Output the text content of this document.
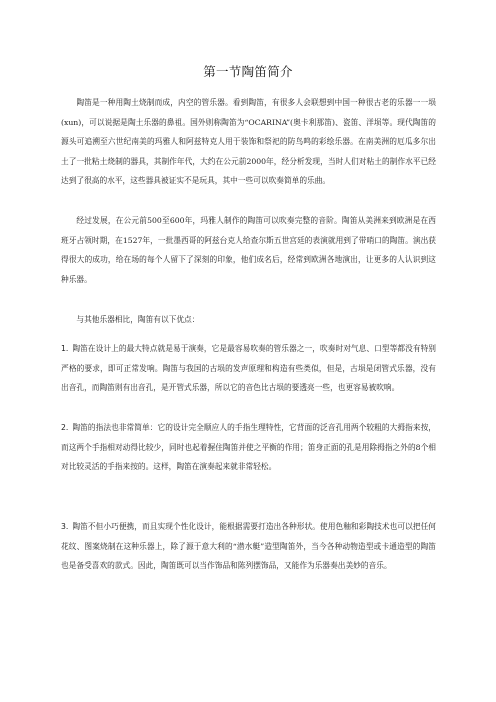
第一节陶笛简介

陶笛是一种用陶土烧制而成，内空的管乐器。看到陶笛，有很多人会联想到中国一种很古老的乐器一一埙(xun)，可以说据是陶土乐器的鼻祖。国外则称陶笛为“OCARINA”(奥卡利那笛)、瓷笛、洋埙等。现代陶笛的源头可追溯至六世纪南美的玛雅人和阿兹特克人用于装饰和祭祀的防鸟鸣的彩绘乐器。在南美洲的厄瓜多尔出土了一批粘土烧制的器具，其制作年代，大约在公元前2000年，经分析发现，当时人们对粘土的制作水平已经达到了很高的水平，这些器具被证实不是玩具，其中一些可以吹奏简单的乐曲。

经过发展，在公元前500至600年，玛雅人制作的陶笛可以吹奏完整的音阶。陶笛从美洲来到欧洲是在西班牙占领时期，在1527年，一批墨西哥的阿兹台克人给查尔斯五世宫廷的表演就用到了带哨口的陶笛。演出获得很大的成功，给在场的每个人留下了深刻的印象，他们成名后，经常到欧洲各地演出，让更多的人认识到这种乐器。

与其他乐器相比，陶笛有以下优点：

1. 陶笛在设计上的最大特点就是易于演奏，它是最容易吹奏的管乐器之一，吹奏时对气息、口型等都没有特别严格的要求，即可正常发响。陶笛与我国的古埙的发声原理和构造有些类似，但是，古埙是闭管式乐器，没有出音孔，而陶笛则有出音孔，是开管式乐器，所以它的音色比古埙的要透亮一些，也更容易被吹响。

2. 陶笛的指法也非常简单：它的设计完全顺应人的手指生理特性，它背面的泛音孔用两个较粗的大拇指来按，而这两个手指相对动得比较少，同时也起着握住陶笛并使之平衡的作用；笛身正面的孔是用除拇指之外的8个相对比较灵活的手指来按的。这样，陶笛在演奏起来就非常轻松。

3. 陶笛不但小巧便携，而且实现个性化设计，能根据需要打造出各种形状。使用色釉和彩陶技术也可以把任何花纹、图案烧制在这种乐器上，除了源于意大利的“潜水艇”造型陶笛外，当今各种动物造型或卡通造型的陶笛也是备受喜欢的款式。因此，陶笛既可以当作饰品和陈列摆饰品，又能作为乐器奏出美妙的音乐。
